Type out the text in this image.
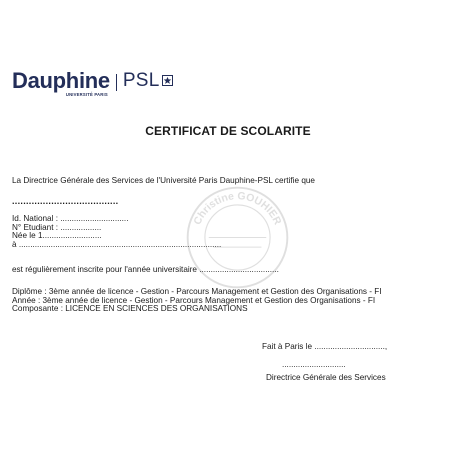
Dauphine
UNIVERSITÉ PARIS
PSL
CERTIFICAT DE SCOLARITE
La Directrice Générale des Services de l'Université Paris Dauphine-PSL certifie que
......................................
Id. National : ..............................
N° Etudiant : ..................
Née le 1..........................
à .........................................................................................
est régulièrement inscrite pour l'année universitaire ...................................
Diplôme : 3ème année de licence - Gestion - Parcours Management et Gestion des Organisations - FI
Année : 3ème année de licence - Gestion - Parcours Management et Gestion des Organisations - FI
Composante : LICENCE EN SCIENCES DES ORGANISATIONS
Christine GOUHIER
Fait à Paris le ...............................,
............................
Directrice Générale des Services
